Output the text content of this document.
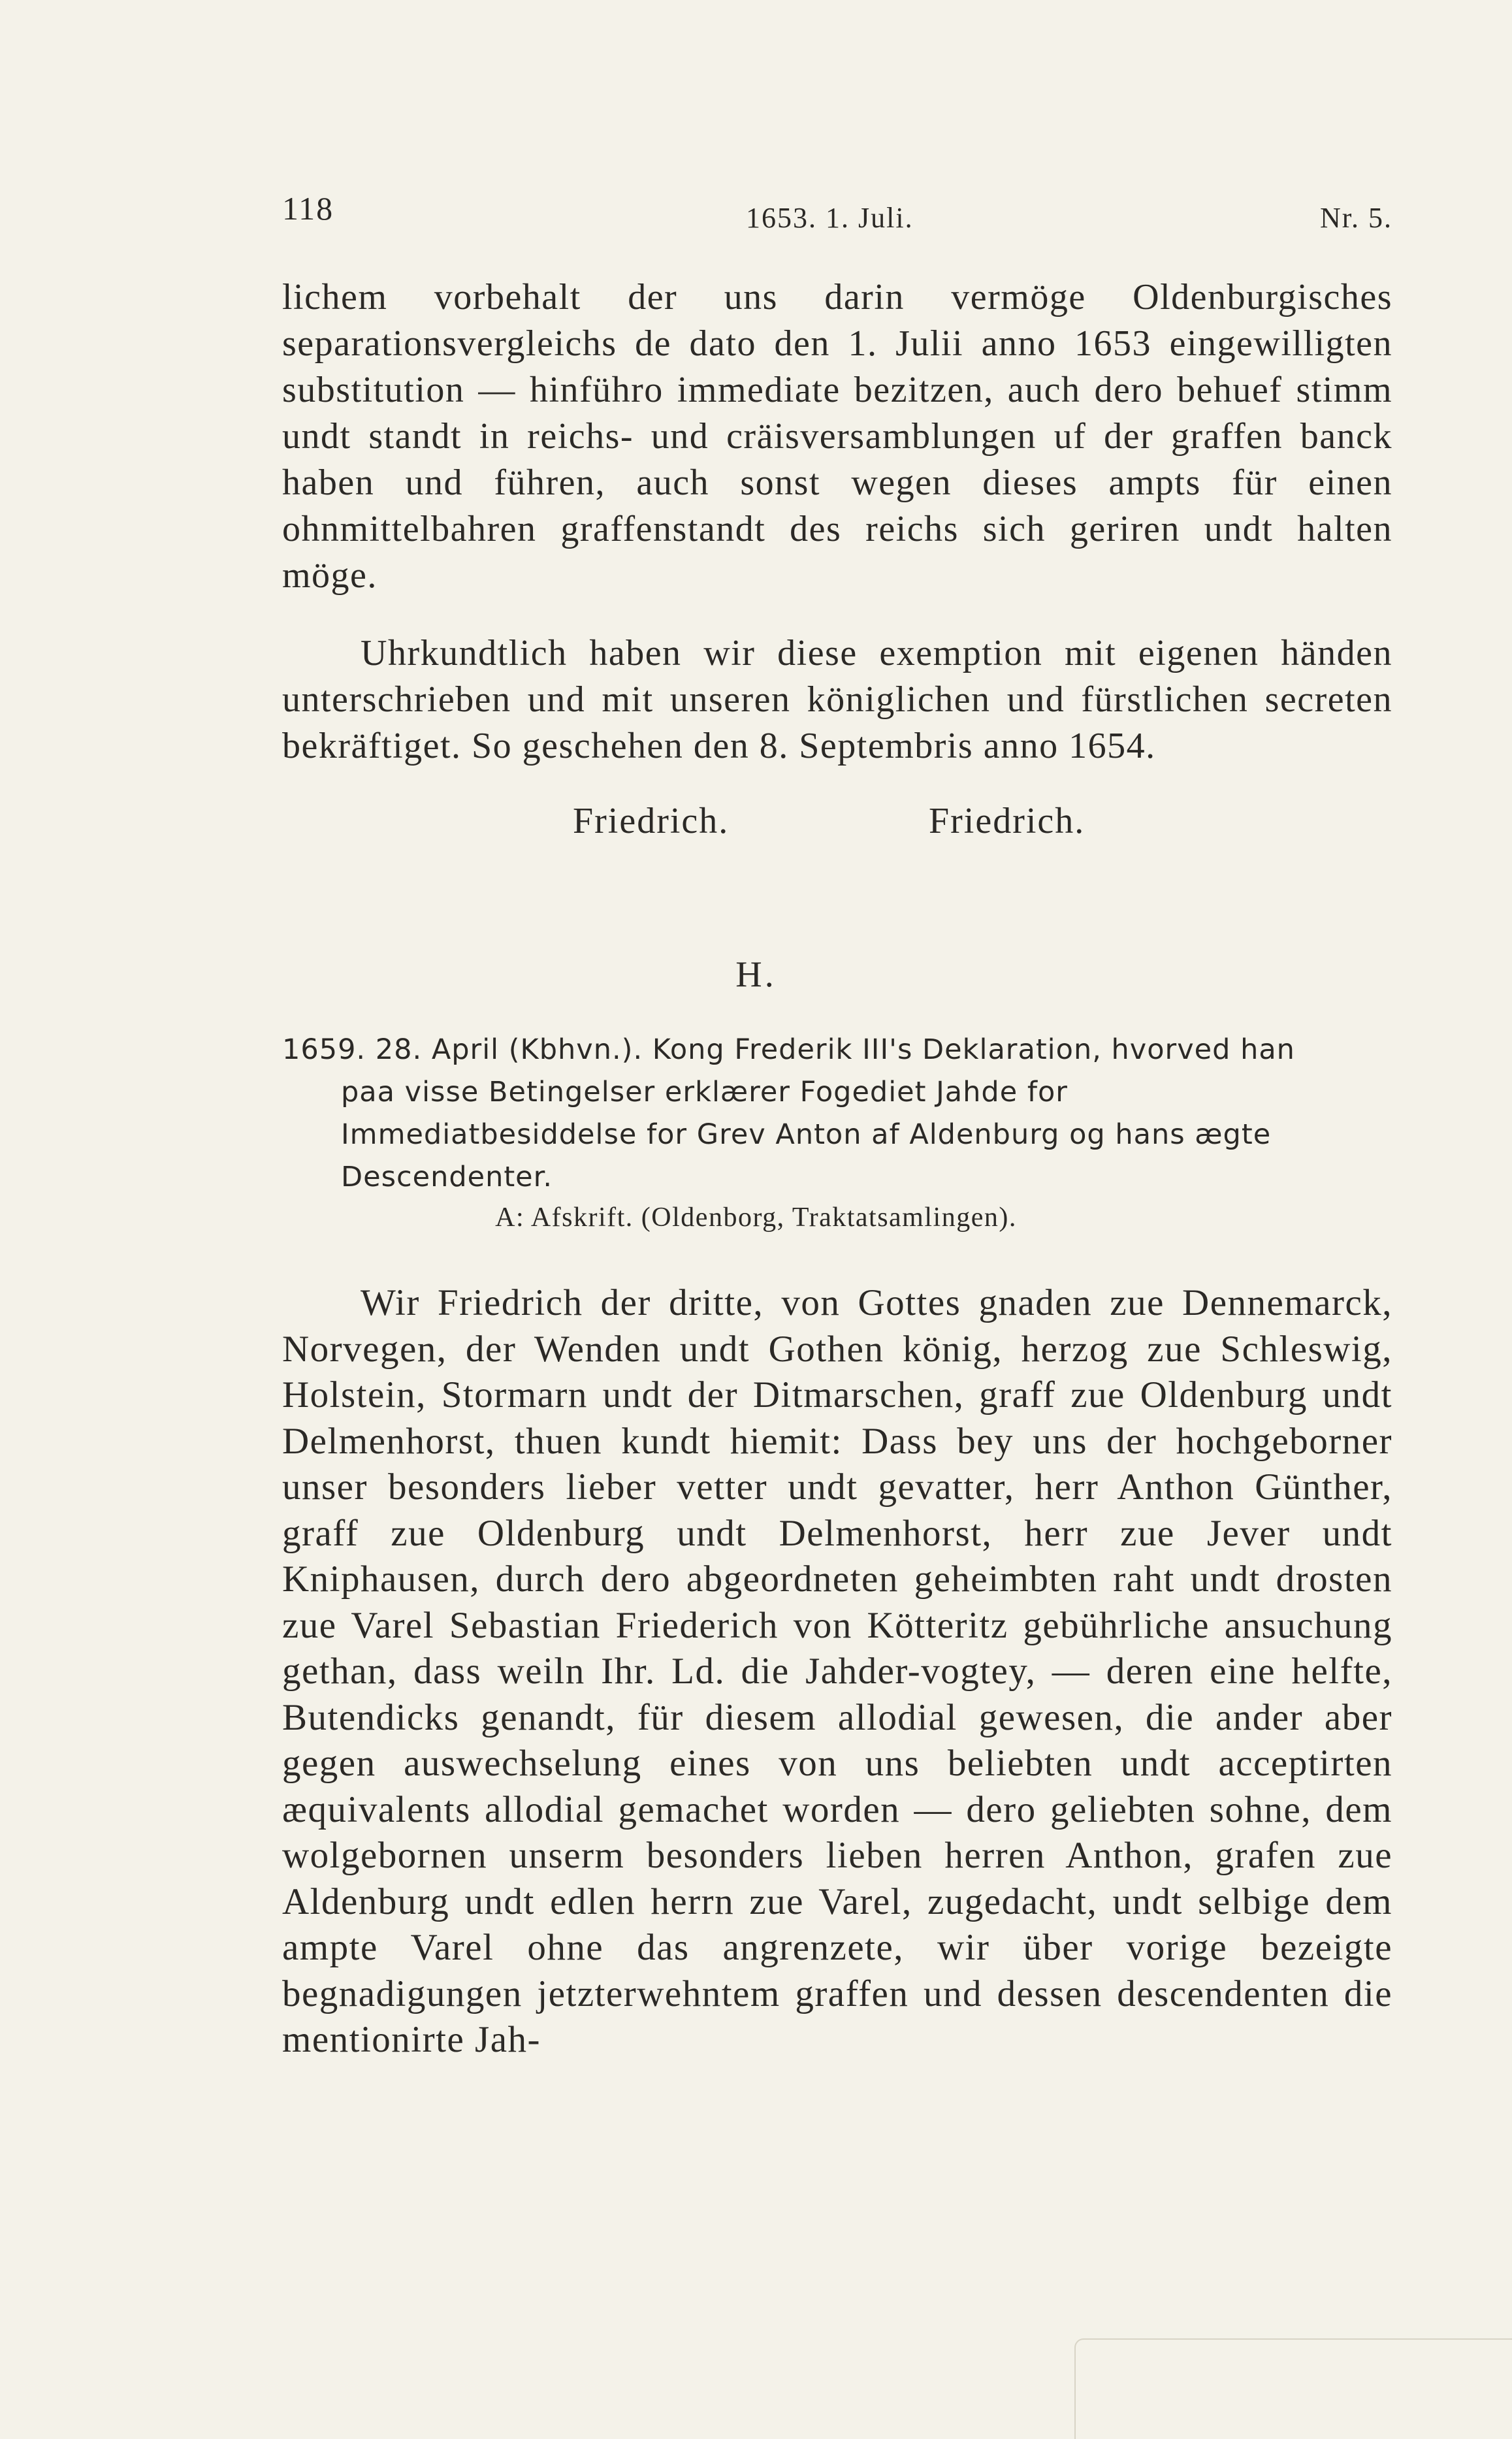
118	1653. 1. Juli.	Nr. 5.

lichem vorbehalt der uns darin vermöge Oldenburgisches separationsvergleichs de dato den 1. Julii anno 1653 eingewilligten substitution — hinführo immediate bezitzen, auch dero behuef stimm undt standt in reichs- und cräisversamblungen uf der graffen banck haben und führen, auch sonst wegen dieses ampts für einen ohnmittelbahren graffenstandt des reichs sich geriren undt halten möge.

Uhrkundtlich haben wir diese exemption mit eigenen händen unterschrieben und mit unseren königlichen und fürstlichen secreten bekräftiget. So geschehen den 8. Septembris anno 1654.

Friedrich.	Friedrich.
H.

1659. 28. April (Kbhvn.). Kong Frederik III's Deklaration, hvorved han

paa visse Betingelser erklærer Fogediet Jahde for Immediatbesiddelse for Grev Anton af Aldenburg og hans ægte Descendenter.

A: Afskrift. (Oldenborg, Traktatsamlingen).

Wir Friedrich der dritte, von Gottes gnaden zue Dennemarck, Norvegen, der Wenden undt Gothen könig, herzog zue Schleswig, Holstein, Stormarn undt der Ditmarschen, graff zue Oldenburg undt Delmenhorst, thuen kundt hiemit: Dass bey uns der hochgeborner unser besonders lieber vetter undt gevatter, herr Anthon Günther, graff zue Oldenburg undt Delmenhorst, herr zue Jever undt Kniphausen, durch dero abgeordneten geheimbten raht undt drosten zue Varel Sebastian Friederich von Kötteritz gebührliche ansuchung gethan, dass weiln Ihr. Ld. die Jahder-vogtey, — deren eine helfte, Butendicks genandt, für diesem allodial gewesen, die ander aber gegen auswechselung eines von uns beliebten undt acceptirten æquivalents allodial gemachet worden — dero geliebten sohne, dem wolgebornen unserm besonders lieben herren Anthon, grafen zue Aldenburg undt edlen herrn zue Varel, zugedacht, undt selbige dem ampte Varel ohne das angrenzete, wir über vorige bezeigte begnadigungen jetzterwehntem graffen und dessen descendenten die mentionirte Jah-
